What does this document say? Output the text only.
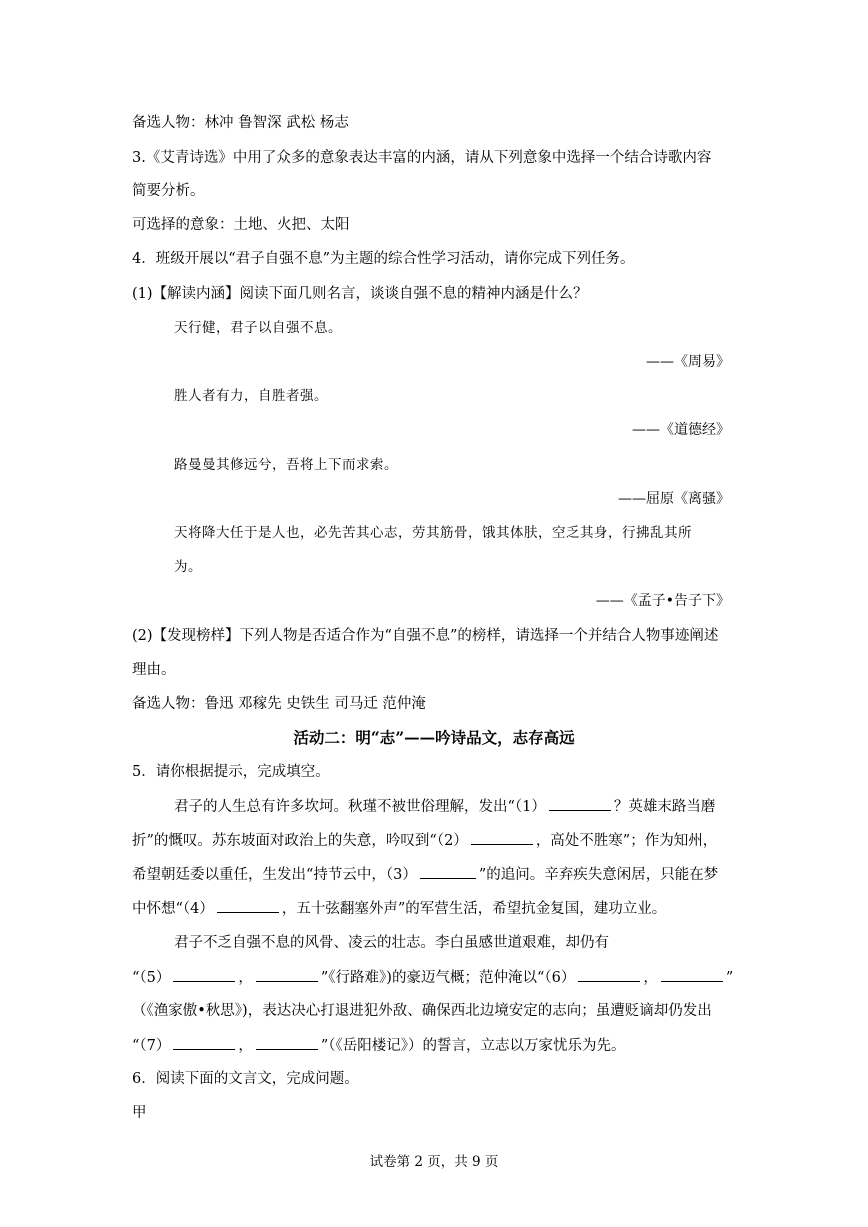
备选人物：林冲 鲁智深 武松 杨志
3.《艾青诗选》中用了众多的意象表达丰富的内涵，请从下列意象中选择一个结合诗歌内容
简要分析。
可选择的意象：土地、火把、太阳
4．班级开展以“君子自强不息”为主题的综合性学习活动，请你完成下列任务。
(1)【解读内涵】阅读下面几则名言，谈谈自强不息的精神内涵是什么？
天行健，君子以自强不息。
——《周易》
胜人者有力，自胜者强。
——《道德经》
路曼曼其修远兮，吾将上下而求索。
——屈原《离骚》
天将降大任于是人也，必先苦其心志，劳其筋骨，饿其体肤，空乏其身，行拂乱其所
为。
——《孟子•告子下》
(2)【发现榜样】下列人物是否适合作为“自强不息”的榜样，请选择一个并结合人物事迹阐述
理由。
备选人物：鲁迅 邓稼先 史铁生 司马迁 范仲淹
活动二：明“志”——吟诗品文，志存高远
5．请你根据提示，完成填空。
君子的人生总有许多坎坷。秋瑾不被世俗理解，发出“（1）	？英雄末路当磨
折”的慨叹。苏东坡面对政治上的失意，吟叹到“（2）	，高处不胜寒”；作为知州，
希望朝廷委以重任，生发出“持节云中，（3）	”的追问。辛弃疾失意闲居，只能在梦
中怀想“（4）	，五十弦翻塞外声”的军营生活，希望抗金复国，建功立业。
君子不乏自强不息的风骨、凌云的壮志。李白虽感世道艰难，却仍有
“（5）	，	”《行路难》)的豪迈气概；范仲淹以“（6）	，	”
（《渔家傲•秋思》)，表达决心打退进犯外敌、确保西北边境安定的志向；虽遭贬谪却仍发出
“（7）	，	”（《岳阳楼记》）的誓言，立志以万家忧乐为先。
6．阅读下面的文言文，完成问题。
甲
试卷第 2 页，共 9 页
